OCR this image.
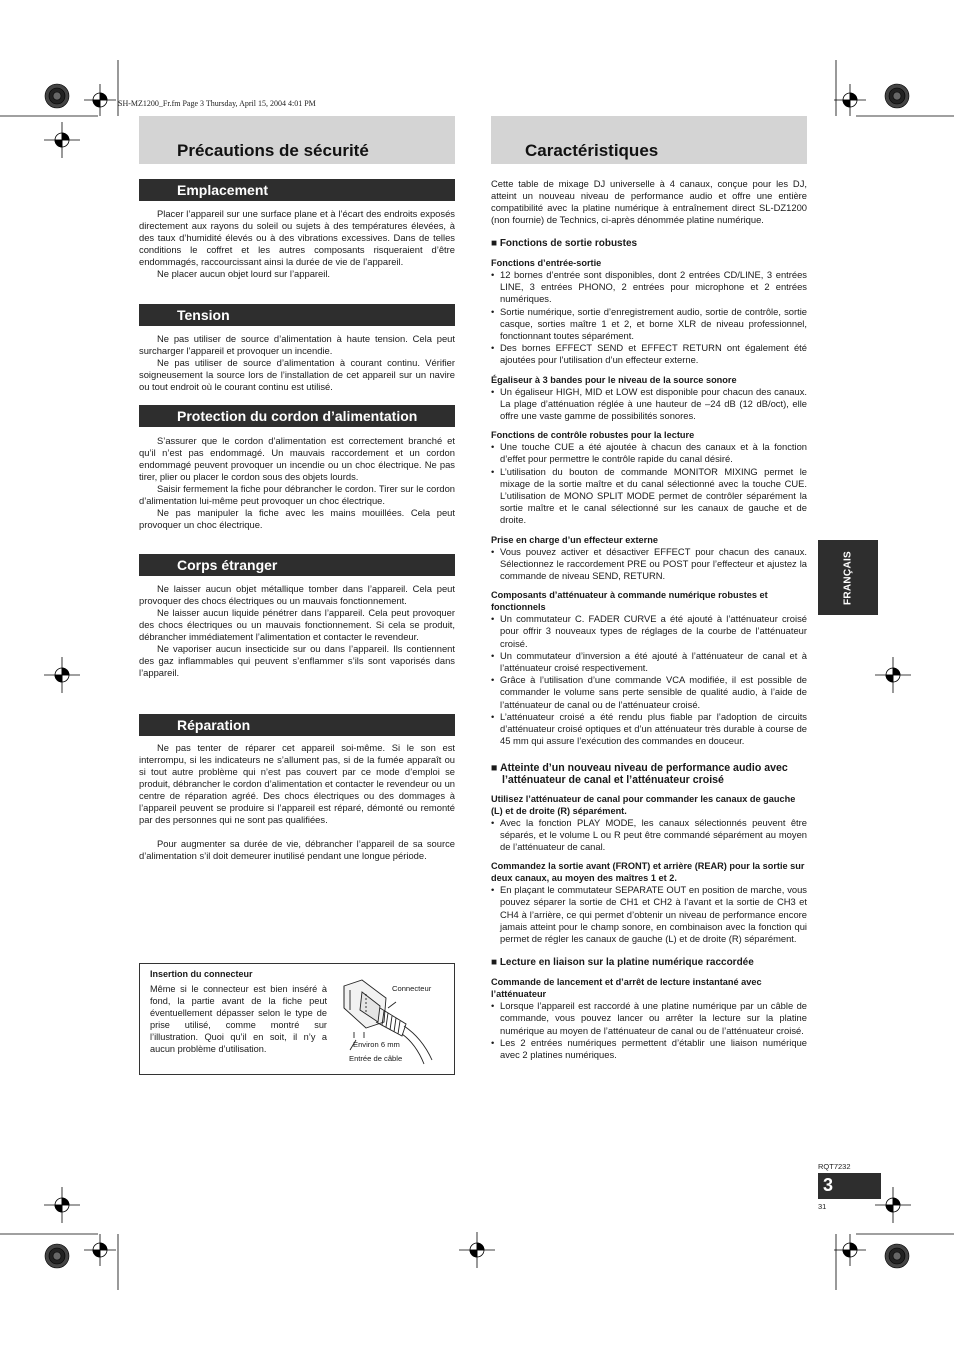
SH-MZ1200_Fr.fm Page 3 Thursday, April 15, 2004 4:01 PM
Précautions de sécurité
Emplacement

Placer l’appareil sur une surface plane et à l’écart des endroits exposés directement aux rayons du soleil ou sujets à des températures élevées, à des taux d’humidité élevés ou à des vibrations excessives. Dans de telles conditions le coffret et les autres composants risqueraient d’être endommagés, raccourcissant ainsi la durée de vie de l’appareil.

Ne placer aucun objet lourd sur l’appareil.

Tension

Ne pas utiliser de source d’alimentation à haute tension. Cela peut surcharger l’appareil et provoquer un incendie.

Ne pas utiliser de source d’alimentation à courant continu. Vérifier soigneusement la source lors de l’installation de cet appareil sur un navire ou tout endroit où le courant continu est utilisé.

Protection du cordon d’alimentation

S’assurer que le cordon d’alimentation est correctement branché et qu’il n’est pas endommagé. Un mauvais raccordement et un cordon endommagé peuvent provoquer un incendie ou un choc électrique. Ne pas tirer, plier ou placer le cordon sous des objets lourds.

Saisir fermement la fiche pour débrancher le cordon. Tirer sur le cordon d’alimentation lui-même peut provoquer un choc électrique.

Ne pas manipuler la fiche avec les mains mouillées. Cela peut provoquer un choc électrique.

Corps étranger

Ne laisser aucun objet métallique tomber dans l’appareil. Cela peut provoquer des chocs électriques ou un mauvais fonctionnement.

Ne laisser aucun liquide pénétrer dans l’appareil. Cela peut provoquer des chocs électriques ou un mauvais fonctionnement. Si cela se produit, débrancher immédiatement l’alimentation et contacter le revendeur.

Ne vaporiser aucun insecticide sur ou dans l’appareil. Ils contiennent des gaz inflammables qui peuvent s’enflammer s’ils sont vaporisés dans l’appareil.

Réparation

Ne pas tenter de réparer cet appareil soi-même. Si le son est interrompu, si les indicateurs ne s’allument pas, si de la fumée apparaît ou si tout autre problème qui n’est pas couvert par ce mode d’emploi se produit, débrancher le cordon d’alimentation et contacter le revendeur ou un centre de réparation agréé. Des chocs électriques ou des dommages à l’appareil peuvent se produire si l’appareil est réparé, démonté ou remonté par des personnes qui ne sont pas qualifiées.

Pour augmenter sa durée de vie, débrancher l’appareil de sa source d’alimentation s’il doit demeurer inutilisé pendant une longue période.

Insertion du connecteur
Même si le connecteur est bien inséré à fond, la partie avant de la fiche peut éventuellement dépasser selon le type de prise utilisé, comme montré sur l’illustration. Quoi qu’il en soit, il n’y a aucun problème d’utilisation.
Connecteur
Environ 6 mm
Entrée de câble
Caractéristiques

Cette table de mixage DJ universelle à 4 canaux, conçue pour les DJ, atteint un nouveau niveau de performance audio et offre une entière compatibilité avec la platine numérique à entraînement direct SL-DZ1200 (non fournie) de Technics, ci-après dénommée platine numérique.

■ Fonctions de sortie robustes

Fonctions d’entrée-sortie

• 12 bornes d’entrée sont disponibles, dont 2 entrées CD/LINE, 3 entrées LINE, 3 entrées PHONO, 2 entrées pour microphone et 2 entrées numériques.
• Sortie numérique, sortie d’enregistrement audio, sortie de contrôle, sortie casque, sorties maître 1 et 2, et borne XLR de niveau professionnel, fonctionnant toutes séparément.
• Des bornes EFFECT SEND et EFFECT RETURN ont également été ajoutées pour l’utilisation d’un effecteur externe.

Égaliseur à 3 bandes pour le niveau de la source sonore

• Un égaliseur HIGH, MID et LOW est disponible pour chacun des canaux. La plage d’atténuation réglée à une hauteur de –24 dB (12 dB/oct), elle offre une vaste gamme de possibilités sonores.

Fonctions de contrôle robustes pour la lecture

• Une touche CUE a été ajoutée à chacun des canaux et à la fonction d’effet pour permettre le contrôle rapide du canal désiré.
• L’utilisation du bouton de commande MONITOR MIXING permet le mixage de la sortie maître et du canal sélectionné avec la touche CUE. L’utilisation de MONO SPLIT MODE permet de contrôler séparément la sortie maître et le canal sélectionné sur les canaux de gauche et de droite.

Prise en charge d’un effecteur externe

• Vous pouvez activer et désactiver EFFECT pour chacun des canaux. Sélectionnez le raccordement PRE ou POST pour l’effecteur et ajustez la commande de niveau SEND, RETURN.

Composants d’atténuateur à commande numérique robustes et fonctionnels

• Un commutateur C. FADER CURVE a été ajouté à l’atténuateur croisé pour offrir 3 nouveaux types de réglages de la courbe de l’atténuateur croisé.
• Un commutateur d’inversion a été ajouté à l’atténuateur de canal et à l’atténuateur croisé respectivement.
• Grâce à l’utilisation d’une commande VCA modifiée, il est possible de commander le volume sans perte sensible de qualité audio, à l’aide de l’atténuateur de canal ou de l’atténuateur croisé.
• L’atténuateur croisé a été rendu plus fiable par l’adoption de circuits d’atténuateur croisé optiques et d’un atténuateur très durable à course de 45 mm qui assure l’exécution des commandes en douceur.

■ Atteinte d’un nouveau niveau de performance audio avec l’atténuateur de canal et l’atténuateur croisé

Utilisez l’atténuateur de canal pour commander les canaux de gauche (L) et de droite (R) séparément.

• Avec la fonction PLAY MODE, les canaux sélectionnés peuvent être séparés, et le volume L ou R peut être commandé séparément au moyen de l’atténuateur de canal.

Commandez la sortie avant (FRONT) et arrière (REAR) pour la sortie sur deux canaux, au moyen des maîtres 1 et 2.

• En plaçant le commutateur SEPARATE OUT en position de marche, vous pouvez séparer la sortie de CH1 et CH2 à l’avant et la sortie de CH3 et CH4 à l’arrière, ce qui permet d’obtenir un niveau de performance encore jamais atteint pour le champ sonore, en combinaison avec la fonction qui permet de régler les canaux de gauche (L) et de droite (R) séparément.

■ Lecture en liaison sur la platine numérique raccordée

Commande de lancement et d’arrêt de lecture instantané avec l’atténuateur

• Lorsque l’appareil est raccordé à une platine numérique par un câble de commande, vous pouvez lancer ou arrêter la lecture sur la platine numérique au moyen de l’atténuateur de canal ou de l’atténuateur croisé.
• Les 2 entrées numériques permettent d’établir une liaison numérique avec 2 platines numériques.
FRANÇAIS
RQT7232
3
31
